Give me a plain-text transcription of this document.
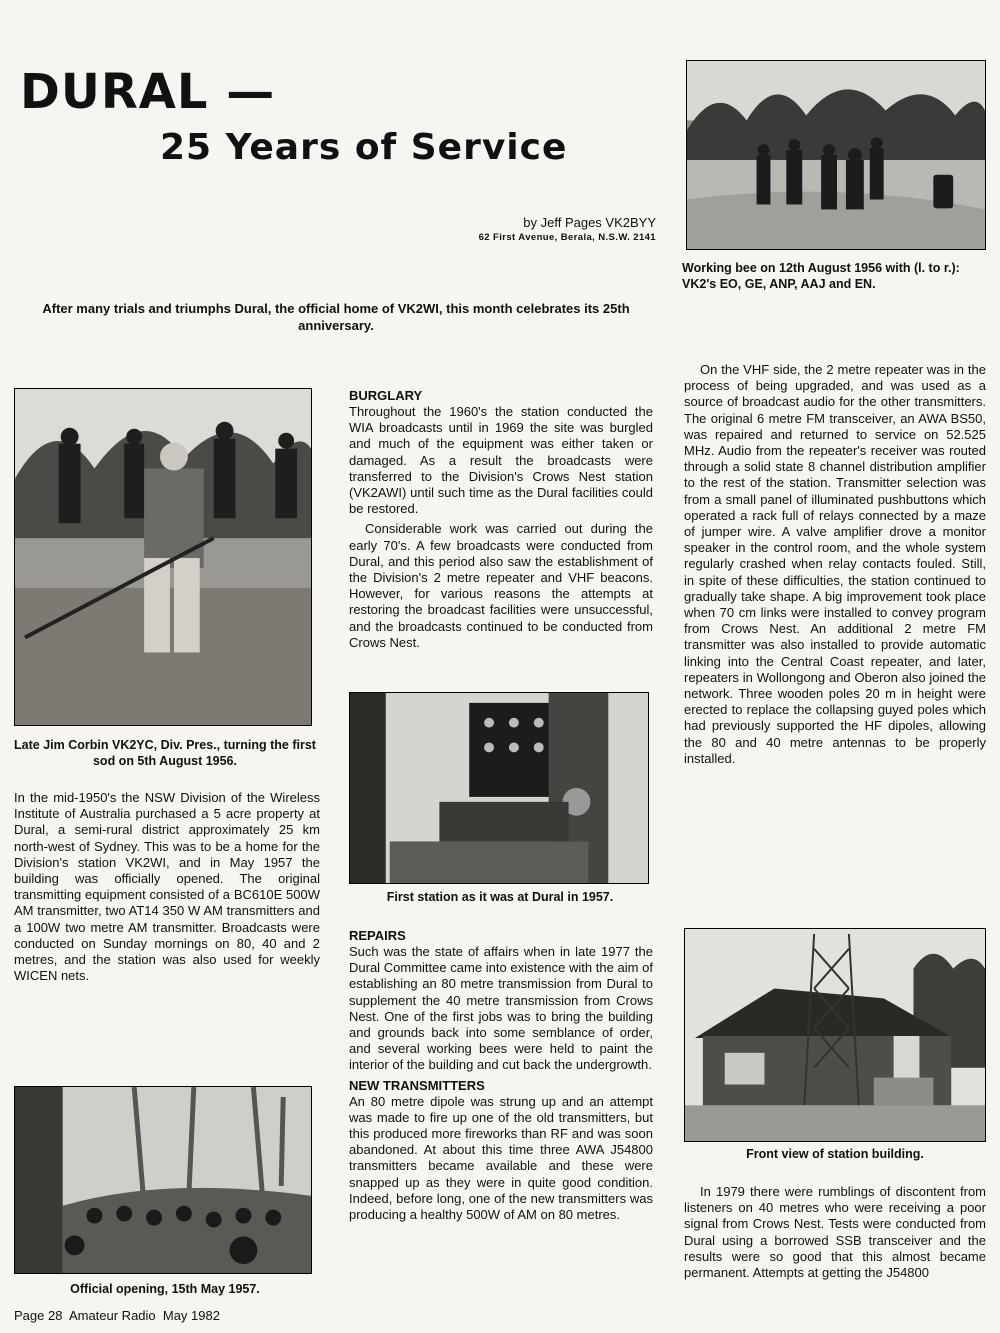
DURAL —
25 Years of Service
by Jeff Pages VK2BYY
62 First Avenue, Berala, N.S.W. 2141
After many trials and triumphs Dural, the official home of VK2WI, this month celebrates its 25th anniversary.
Working bee on 12th August 1956 with (l. to r.): VK2's EO, GE, ANP, AAJ and EN.
Late Jim Corbin VK2YC, Div. Pres., turning the first sod on 5th August 1956.

In the mid-1950's the NSW Division of the Wireless Institute of Australia purchased a 5 acre property at Dural, a semi-rural district approximately 25 km north-west of Sydney. This was to be a home for the Division's station VK2WI, and in May 1957 the building was officially opened. The original transmitting equipment consisted of a BC610E 500W AM transmitter, two AT14 350 W AM transmitters and a 100W two metre AM transmitter. Broadcasts were conducted on Sunday mornings on 80, 40 and 2 metres, and the station was also used for weekly WICEN nets.

Official opening, 15th May 1957.
BURGLARY

Throughout the 1960's the station conducted the WIA broadcasts until in 1969 the site was burgled and much of the equipment was either taken or damaged. As a result the broadcasts were transferred to the Division's Crows Nest station (VK2AWI) until such time as the Dural facilities could be restored.

Considerable work was carried out during the early 70's. A few broadcasts were conducted from Dural, and this period also saw the establishment of the Division's 2 metre repeater and VHF beacons. However, for various reasons the attempts at restoring the broadcast facilities were unsuccessful, and the broadcasts continued to be conducted from Crows Nest.

First station as it was at Dural in 1957.
REPAIRS

Such was the state of affairs when in late 1977 the Dural Committee came into existence with the aim of establishing an 80 metre transmission from Dural to supplement the 40 metre transmission from Crows Nest. One of the first jobs was to bring the building and grounds back into some semblance of order, and several working bees were held to paint the interior of the building and cut back the undergrowth.

NEW TRANSMITTERS

An 80 metre dipole was strung up and an attempt was made to fire up one of the old transmitters, but this produced more fireworks than RF and was soon abandoned. At about this time three AWA J54800 transmitters became available and these were snapped up as they were in quite good condition. Indeed, before long, one of the new transmitters was producing a healthy 500W of AM on 80 metres.

On the VHF side, the 2 metre repeater was in the process of being upgraded, and was used as a source of broadcast audio for the other transmitters. The original 6 metre FM transceiver, an AWA BS50, was repaired and returned to service on 52.525 MHz. Audio from the repeater's receiver was routed through a solid state 8 channel distribution amplifier to the rest of the station. Transmitter selection was from a small panel of illuminated pushbuttons which operated a rack full of relays connected by a maze of jumper wire. A valve amplifier drove a monitor speaker in the control room, and the whole system regularly crashed when relay contacts fouled. Still, in spite of these difficulties, the station continued to gradually take shape. A big improvement took place when 70 cm links were installed to convey program from Crows Nest. An additional 2 metre FM transmitter was also installed to provide automatic linking into the Central Coast repeater, and later, repeaters in Wollongong and Oberon also joined the network. Three wooden poles 20 m in height were erected to replace the collapsing guyed poles which had previously supported the HF dipoles, allowing the 80 and 40 metre antennas to be properly installed.

Front view of station building.

In 1979 there were rumblings of discontent from listeners on 40 metres who were receiving a poor signal from Crows Nest. Tests were conducted from Dural using a borrowed SSB transceiver and the results were so good that this almost became permanent. Attempts at getting the J54800

Page 28  Amateur Radio  May 1982
